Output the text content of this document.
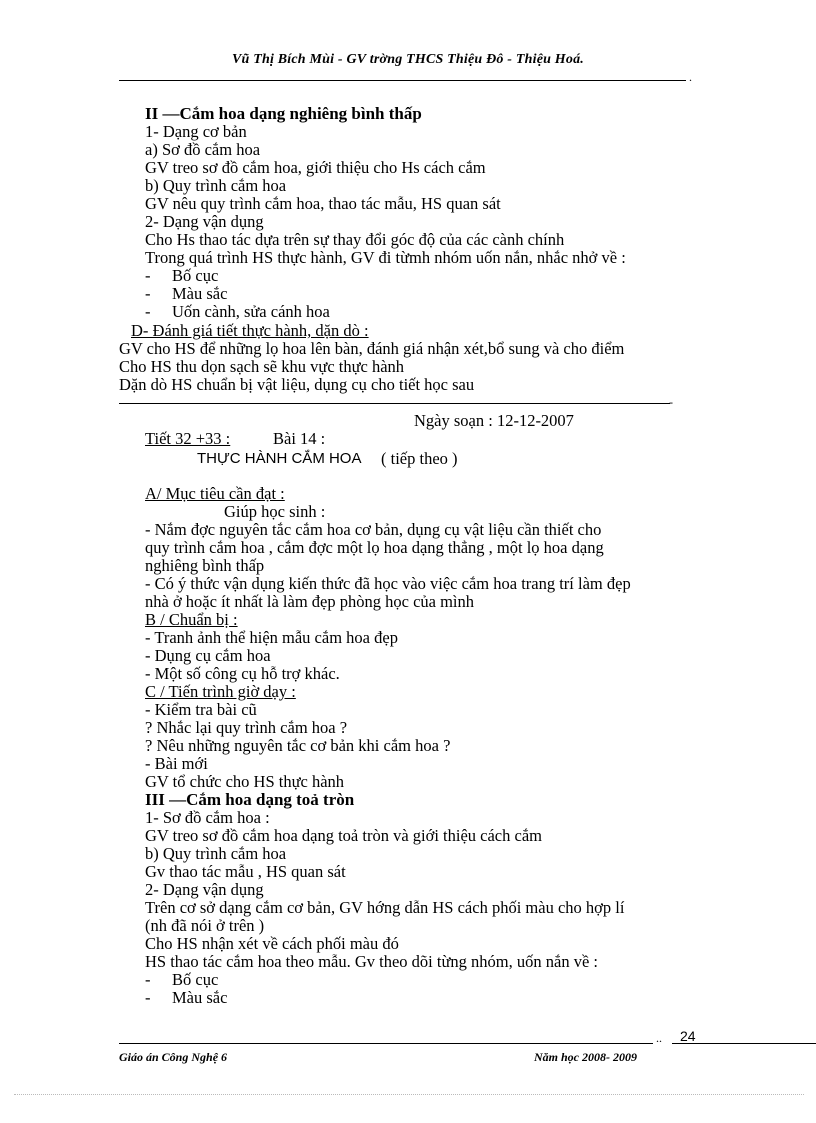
Vũ Thị Bích Mùi - GV trờng THCS Thiệu Đô - Thiệu Hoá.
.
II —Cắm hoa dạng nghiêng bình thấp
1- Dạng cơ bản
a) Sơ đồ cắm hoa
GV treo sơ đồ cắm hoa, giới thiệu cho Hs cách cắm
b) Quy trình cắm hoa
GV nêu quy trình cắm hoa, thao tác mẫu, HS quan sát
2- Dạng vận dụng
Cho Hs thao tác dựa trên sự thay đổi góc độ của các cành chính
Trong quá trình HS thực hành, GV đi từmh nhóm uốn nắn, nhắc nhở về :
- Bố cục
- Màu sắc
- Uốn cành, sửa cánh hoa
D- Đánh giá tiết thực hành, dặn dò :
GV cho HS để những lọ hoa lên bàn, đánh giá nhận xét,bổ sung và cho điểm
Cho HS thu dọn sạch sẽ khu vực thực hành
Dặn dò HS chuẩn bị vật liệu, dụng cụ cho tiết học sau
Ngày soạn : 12-12-2007
Tiết 32 +33 :	Bài 14 :
THỰC HÀNH CẮM HOA ( tiếp theo )
A/ Mục tiêu cần đạt :
Giúp học sinh :
- Nắm đợc nguyên tắc cắm hoa cơ bản, dụng cụ vật liệu cần thiết cho
quy trình cắm hoa , cắm đợc một lọ hoa dạng thẳng , một lọ hoa dạng
nghiêng bình thấp
- Có ý thức vận dụng kiến thức đã học vào việc cắm hoa trang trí làm đẹp
nhà ở hoặc ít nhất là làm đẹp phòng học của mình
B / Chuẩn bị :
- Tranh ảnh thể hiện mẫu cắm hoa đẹp
- Dụng cụ cắm hoa
- Một số công cụ hỗ trợ khác.
C / Tiến trình giờ dạy :
- Kiểm tra bài cũ
? Nhắc lại quy trình cắm hoa ?
? Nêu những nguyên tắc cơ bản khi cắm hoa ?
- Bài mới
GV tổ chức cho HS thực hành
III —Cắm hoa dạng toả tròn
1- Sơ đồ cắm hoa :
GV treo sơ đồ cắm hoa dạng toả tròn và giới thiệu cách cắm
b) Quy trình cắm hoa
Gv thao tác mẫu , HS quan sát
2- Dạng vận dụng
Trên cơ sở dạng cắm cơ bản, GV hớng dẫn HS cách phối màu cho hợp lí
(nh đã nói ở trên )
Cho HS nhận xét về cách phối màu đó
HS thao tác cắm hoa theo mẫu. Gv theo dõi từng nhóm, uốn nắn về :
- Bố cục
- Màu sắc
-
.. 24
Giáo án Công Nghệ 6	Năm học 2008- 2009
